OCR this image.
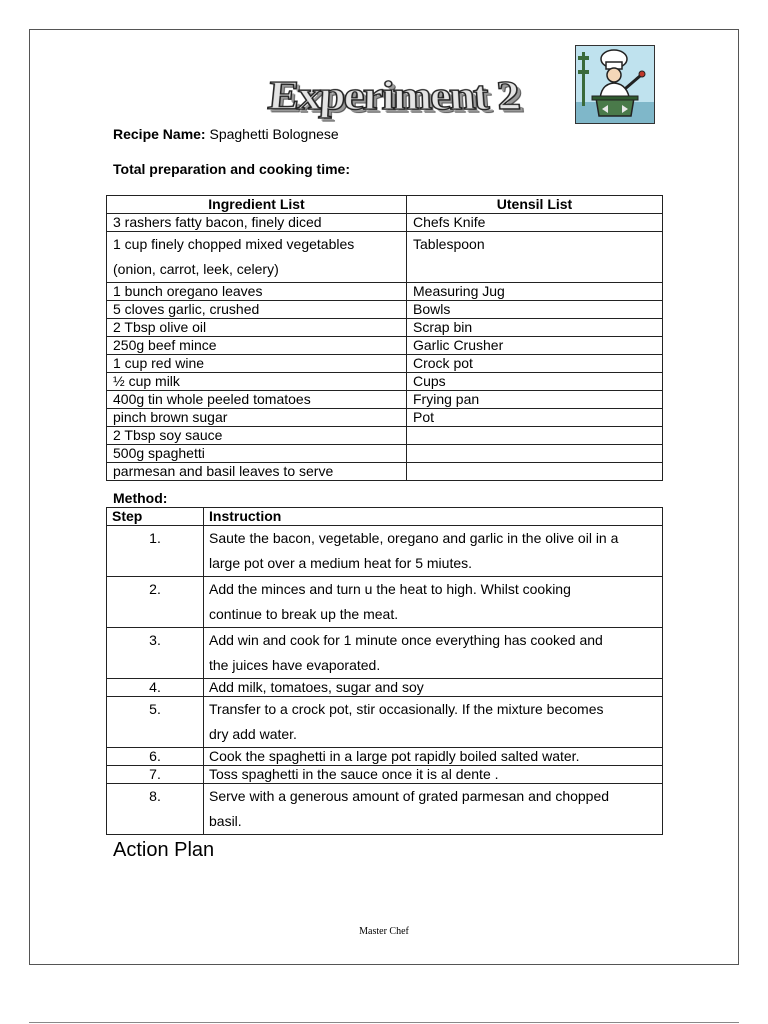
Experiment 2
Recipe Name: Spaghetti Bolognese
Total preparation and cooking time:
Ingredient List	Utensil List
3 rashers fatty bacon, finely diced	Chefs Knife

1 cup finely chopped mixed vegetables
(onion, carrot, leek, celery)	Tablespoon
1 bunch oregano leaves	Measuring Jug
5 cloves garlic, crushed	Bowls
2 Tbsp olive oil	Scrap bin
250g beef mince	Garlic Crusher
1 cup red wine	Crock pot
½ cup milk	Cups
400g tin whole peeled tomatoes	Frying pan
pinch brown sugar	Pot
2 Tbsp soy sauce	
500g spaghetti	
parmesan and basil leaves to serve	
Method:
Step	Instruction
1.	Saute the bacon, vegetable, oregano and garlic in the olive oil in a
large pot over a medium heat for 5 miutes.

2.	Add the minces and turn u the heat to high. Whilst cooking
continue to break up the meat.

3.	Add win and cook for 1 minute once everything has cooked and
the juices have evaporated.

4.	Add milk, tomatoes, sugar and soy
5.	Transfer to a crock pot, stir occasionally. If the mixture becomes
dry add water.

6.	Cook the spaghetti in a large pot rapidly boiled salted water.
7.	Toss spaghetti in the sauce once it is al dente .
8.	Serve with a generous amount of grated parmesan and chopped
basil.
Action Plan
Master Chef
